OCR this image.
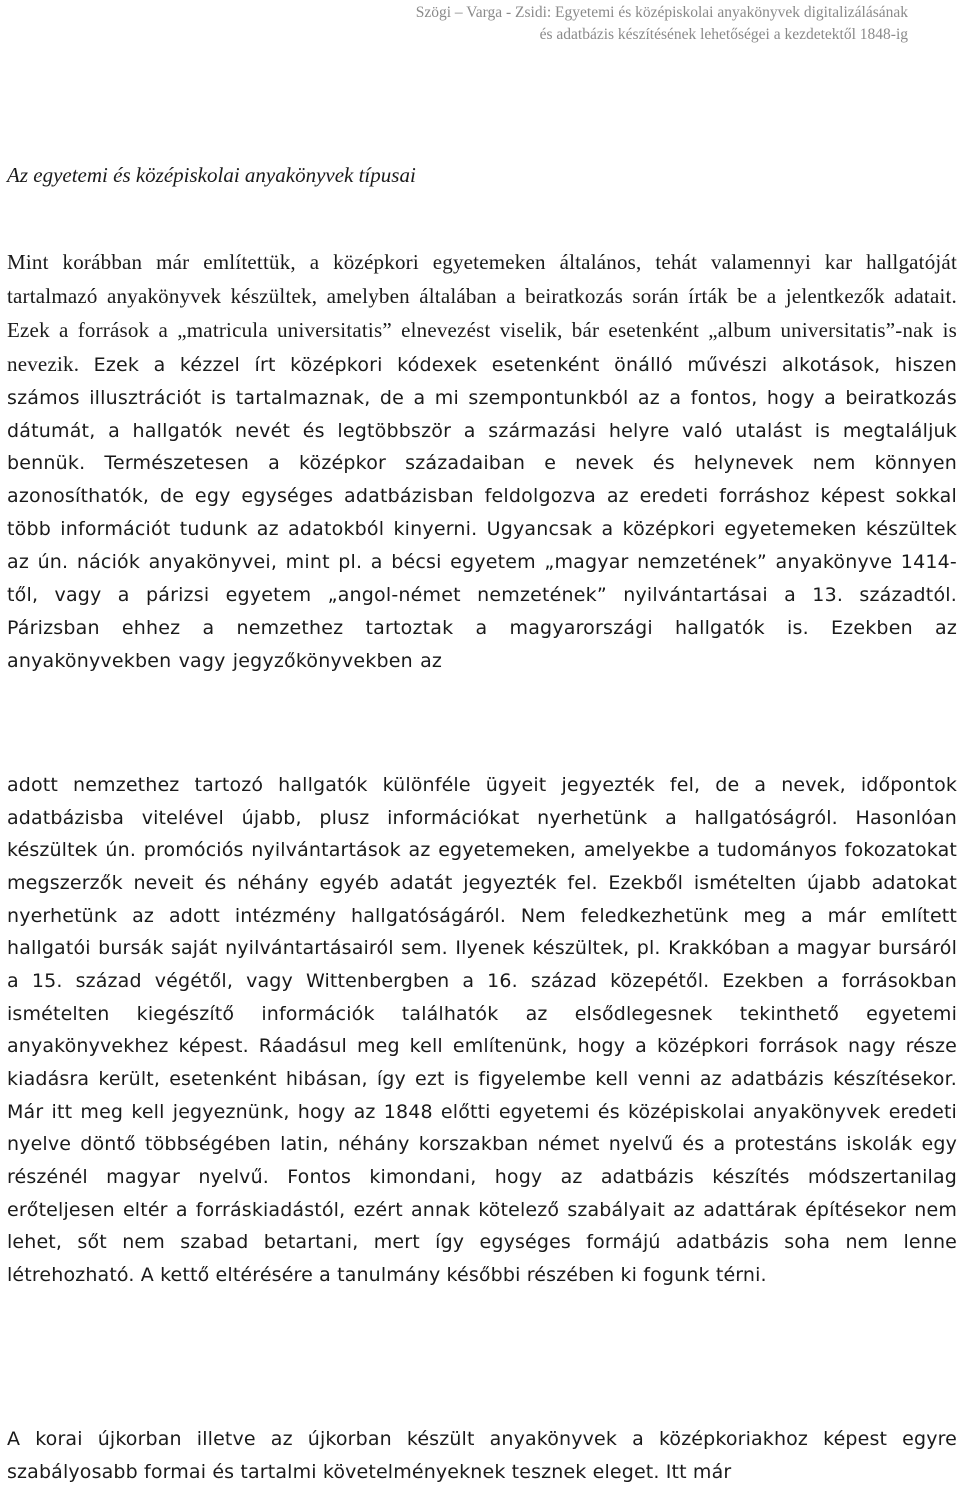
Szögi – Varga - Zsidi: Egyetemi és középiskolai anyakönyvek digitalizálásának
és adatbázis készítésének lehetőségei a kezdetektől 1848-ig
Az egyetemi és középiskolai anyakönyvek típusai

Mint korábban már említettük, a középkori egyetemeken általános, tehát valamennyi kar hallgatóját tartalmazó anyakönyvek készültek, amelyben általában a beiratkozás során írták be a jelentkezők adatait. Ezek a források a „matricula universitatis” elnevezést viselik, bár esetenként „album universitatis”-nak is nevezik. Ezek a kézzel írt középkori kódexek esetenként önálló művészi alkotások, hiszen számos illusztrációt is tartalmaznak, de a mi szempontunkból az a fontos, hogy a beiratkozás dátumát, a hallgatók nevét és legtöbbször a származási helyre való utalást is megtaláljuk bennük. Természetesen a középkor századaiban e nevek és helynevek nem könnyen azonosíthatók, de egy egységes adatbázisban feldolgozva az eredeti forráshoz képest sokkal több információt tudunk az adatokból kinyerni. Ugyancsak a középkori egyetemeken készültek az ún. nációk anyakönyvei, mint pl. a bécsi egyetem „magyar nemzetének” anyakönyve 1414-től, vagy a párizsi egyetem „angol-német nemzetének” nyilvántartásai a 13. századtól. Párizsban ehhez a nemzethez tartoztak a magyarországi hallgatók is. Ezekben az anyakönyvekben vagy jegyzőkönyvekben az

adott nemzethez tartozó hallgatók különféle ügyeit jegyezték fel, de a nevek, időpontok adatbázisba vitelével újabb, plusz információkat nyerhetünk a hallgatóságról. Hasonlóan készültek ún. promóciós nyilvántartások az egyetemeken, amelyekbe a tudományos fokozatokat megszerzők neveit és néhány egyéb adatát jegyezték fel. Ezekből ismételten újabb adatokat nyerhetünk az adott intézmény hallgatóságáról. Nem feledkezhetünk meg a már említett hallgatói bursák saját nyilvántartásairól sem. Ilyenek készültek, pl. Krakkóban a magyar bursáról a 15. század végétől, vagy Wittenbergben a 16. század közepétől. Ezekben a forrásokban ismételten kiegészítő információk találhatók az elsődlegesnek tekinthető egyetemi anyakönyvekhez képest. Ráadásul meg kell említenünk, hogy a középkori források nagy része kiadásra került, esetenként hibásan, így ezt is figyelembe kell venni az adatbázis készítésekor. Már itt meg kell jegyeznünk, hogy az 1848 előtti egyetemi és középiskolai anyakönyvek eredeti nyelve döntő többségében latin, néhány korszakban német nyelvű és a protestáns iskolák egy részénél magyar nyelvű. Fontos kimondani, hogy az adatbázis készítés módszertanilag erőteljesen eltér a forráskiadástól, ezért annak kötelező szabályait az adattárak építésekor nem lehet, sőt nem szabad betartani, mert így egységes formájú adatbázis soha nem lenne létrehozható. A kettő eltérésére a tanulmány későbbi részében ki fogunk térni.

A korai újkorban illetve az újkorban készült anyakönyvek a középkoriakhoz képest egyre szabályosabb formai és tartalmi követelményeknek tesznek eleget. Itt már
